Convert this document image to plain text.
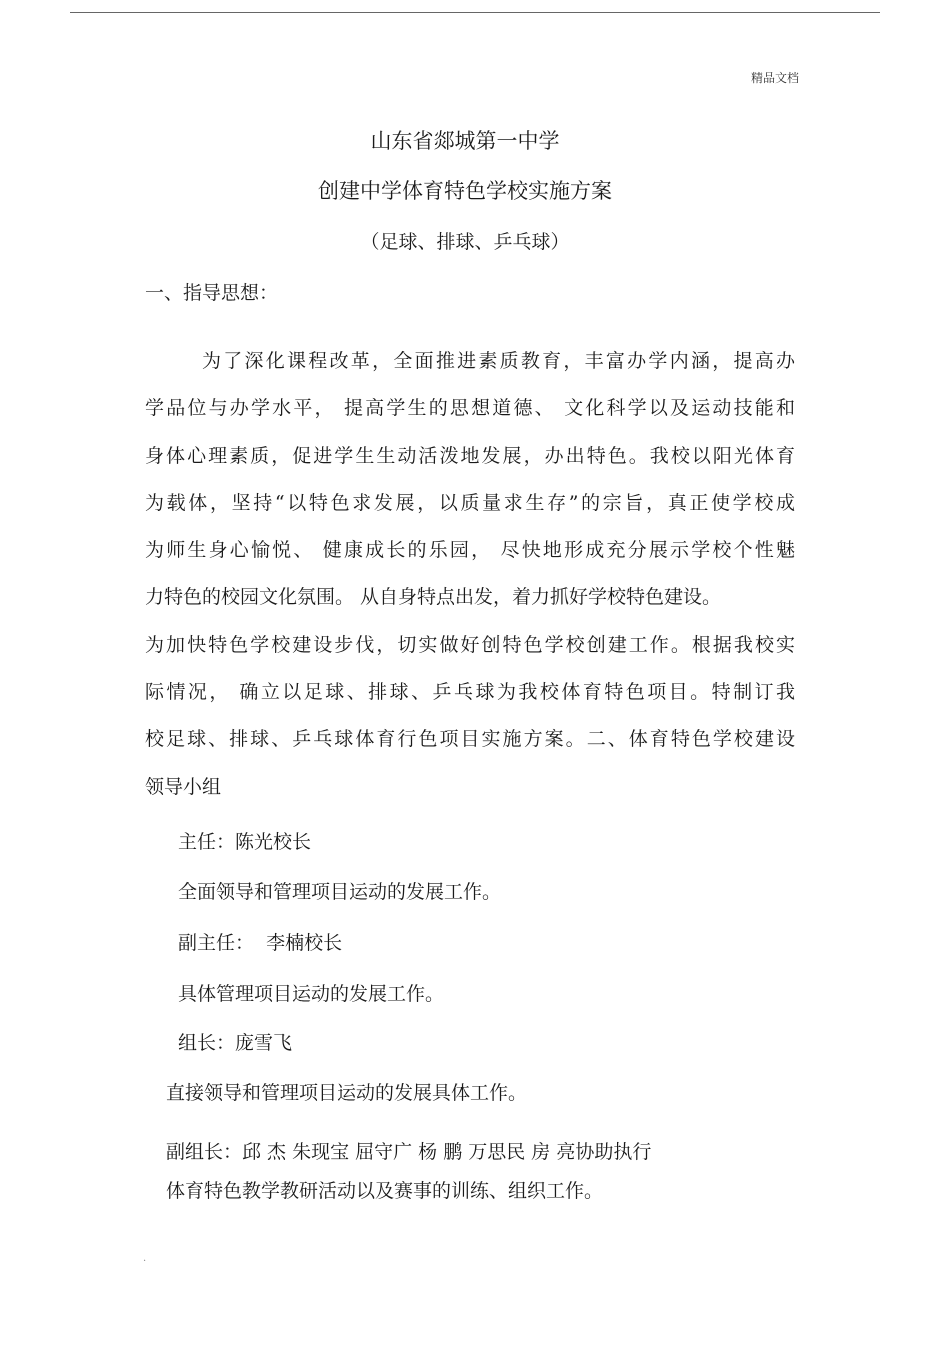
精品文档
山东省郯城第一中学
创建中学体育特色学校实施方案
（足球、排球、乒乓球）
一、指导思想：
为了深化课程改革，全面推进素质教育，丰富办学内涵，提高办
学品位与办学水平， 提高学生的思想道德、 文化科学以及运动技能和
身体心理素质，促进学生生动活泼地发展，办出特色。我校以阳光体育
为载体，坚持“以特色求发展，以质量求生存”的宗旨，真正使学校成
为师生身心愉悦、 健康成长的乐园， 尽快地形成充分展示学校个性魅
力特色的校园文化氛围。 从自身特点出发，着力抓好学校特色建设。
为加快特色学校建设步伐，切实做好创特色学校创建工作。根据我校实
际情况， 确立以足球、排球、乒乓球为我校体育特色项目。特制订我
校足球、排球、乒乓球体育行色项目实施方案。二、体育特色学校建设
领导小组
主任：陈光校长
全面领导和管理项目运动的发展工作。
副主任：  李楠校长
具体管理项目运动的发展工作。
组长：庞雪飞
直接领导和管理项目运动的发展具体工作。
副组长：邱 杰 朱现宝 屈守广 杨 鹏 万思民 房 亮协助执行
体育特色教学教研活动以及赛事的训练、组织工作。
.
